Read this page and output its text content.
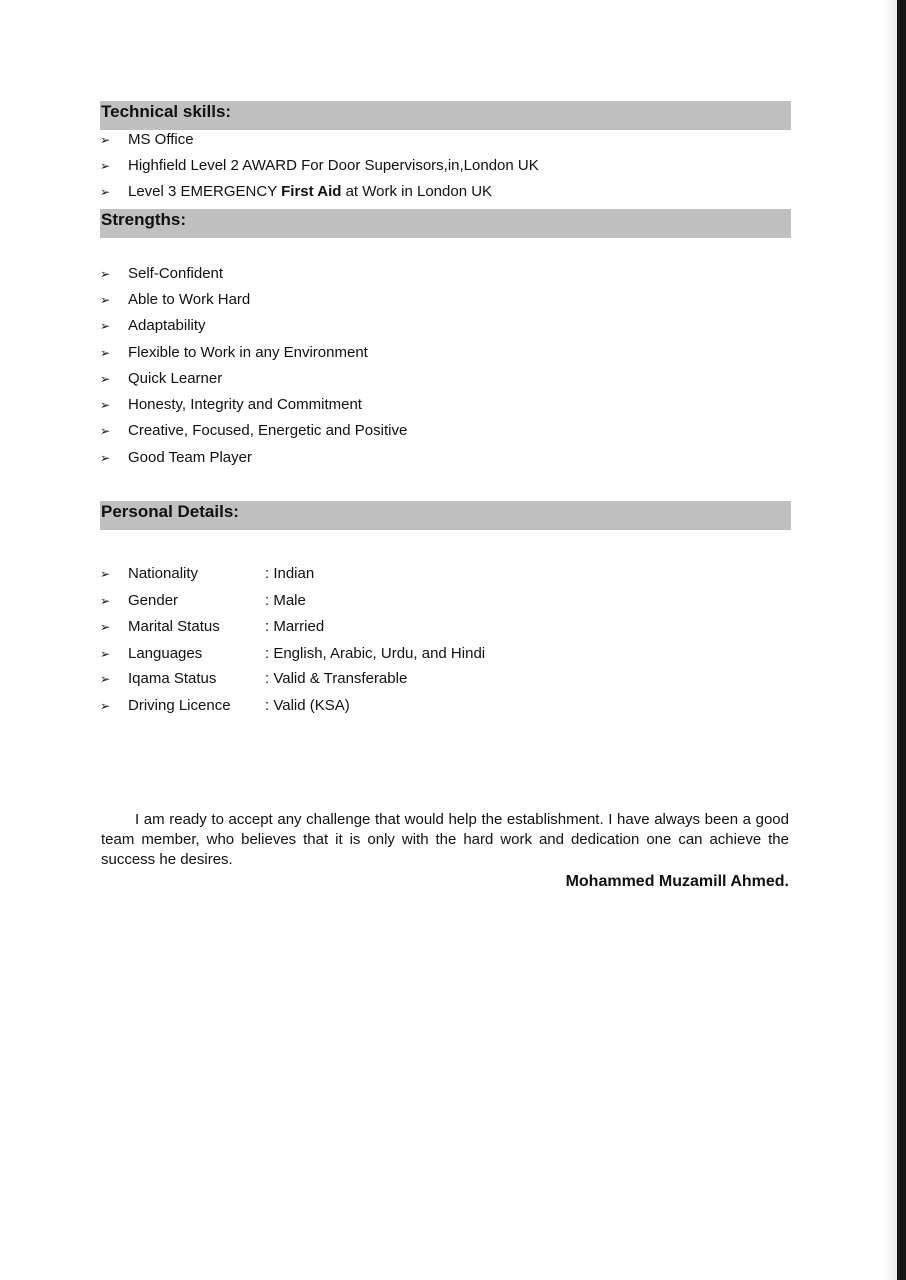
Technical skills:
➢ MS Office
➢ Highfield Level 2 AWARD For Door Supervisors,in,London UK
➢ Level 3 EMERGENCY First Aid at Work in London UK
Strengths:
➢ Self-Confident
➢ Able to Work Hard
➢ Adaptability
➢ Flexible to Work in any Environment
➢ Quick Learner
➢ Honesty, Integrity and Commitment
➢ Creative, Focused, Energetic and Positive
➢ Good Team Player
Personal Details:
➢ Nationality	: Indian
➢ Gender	: Male
➢ Marital Status	: Married
➢ Languages	: English, Arabic, Urdu, and Hindi
➢ Iqama Status	: Valid & Transferable
➢ Driving Licence : Valid (KSA)
I am ready to accept any challenge that would help the establishment. I have always been a good team member, who believes that it is only with the hard work and dedication one can achieve the success he desires.
Mohammed Muzamill Ahmed.
